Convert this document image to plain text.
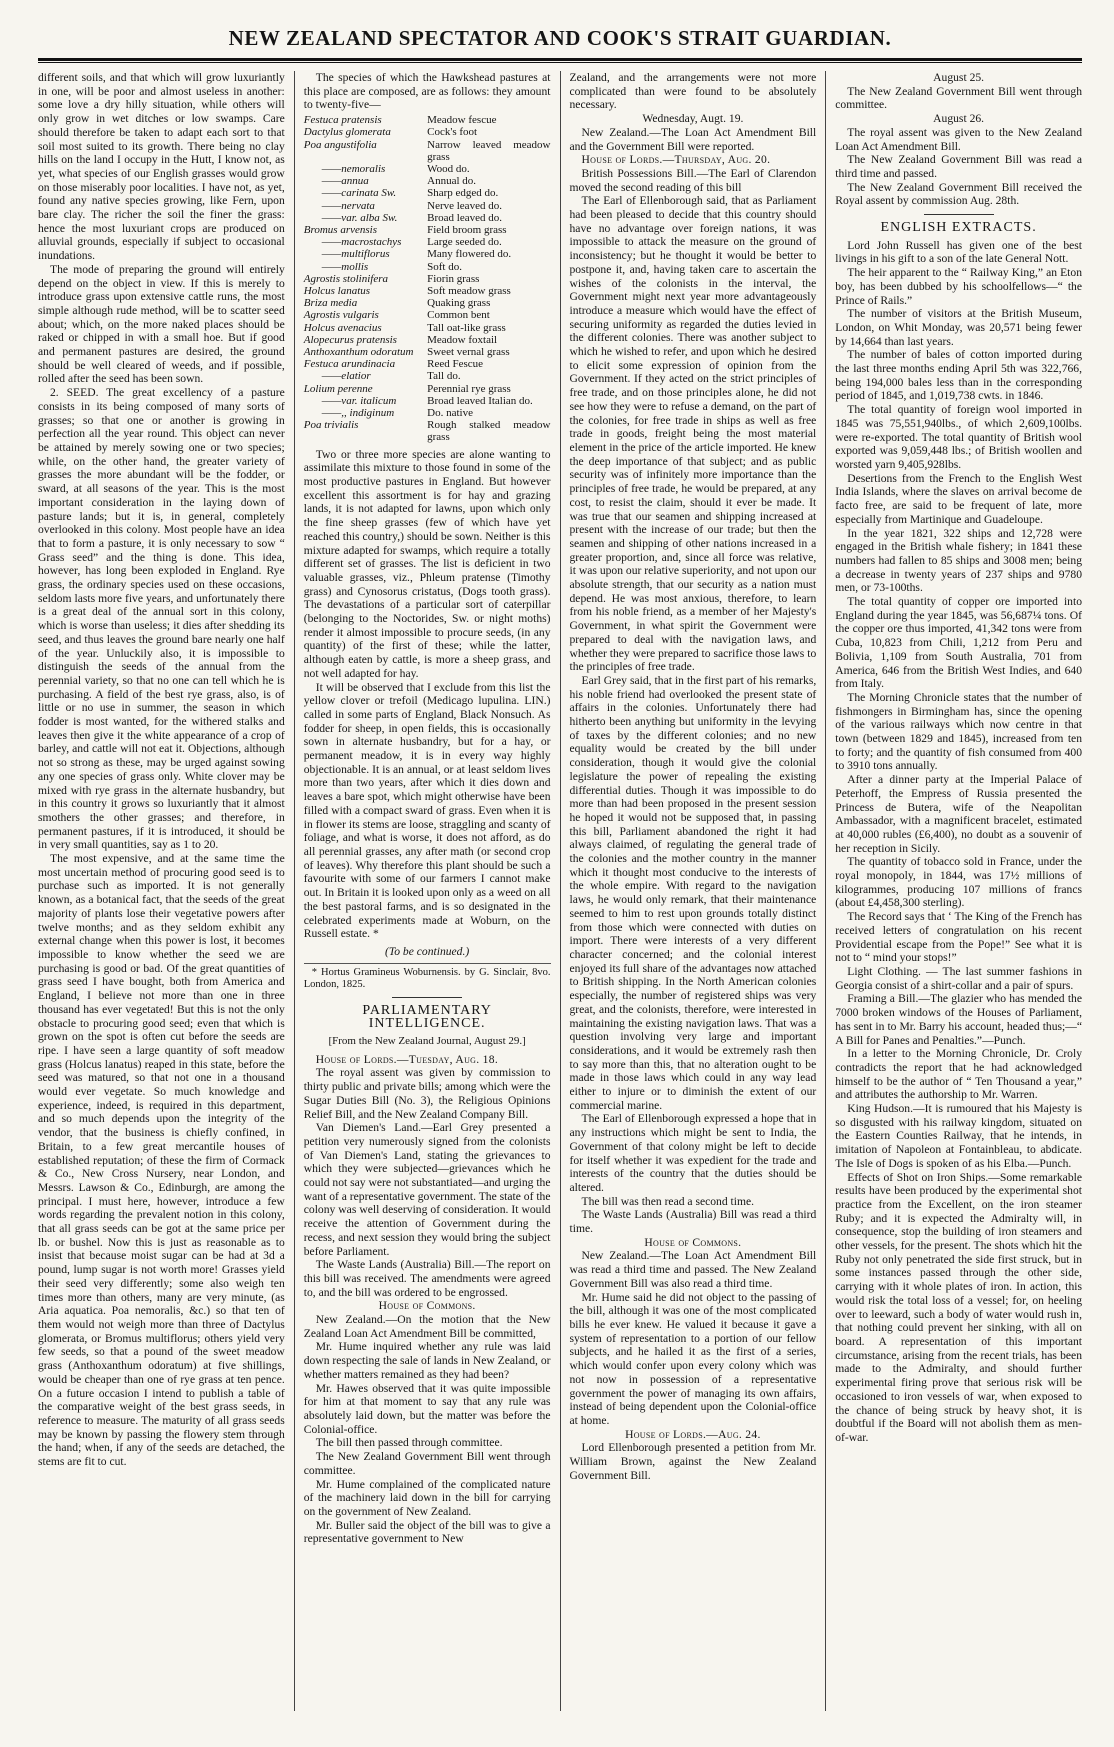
NEW ZEALAND SPECTATOR AND COOK'S STRAIT GUARDIAN.

different soils, and that which will grow luxuriantly in one, will be poor and almost useless in another: some love a dry hilly situation, while others will only grow in wet ditches or low swamps. Care should therefore be taken to adapt each sort to that soil most suited to its growth. There being no clay hills on the land I occupy in the Hutt, I know not, as yet, what species of our English grasses would grow on those miserably poor localities. I have not, as yet, found any native species growing, like Fern, upon bare clay. The richer the soil the finer the grass: hence the most luxuriant crops are produced on alluvial grounds, especially if subject to occasional inundations.

The mode of preparing the ground will entirely depend on the object in view. If this is merely to introduce grass upon extensive cattle runs, the most simple although rude method, will be to scatter seed about; which, on the more naked places should be raked or chipped in with a small hoe. But if good and permanent pastures are desired, the ground should be well cleared of weeds, and if possible, rolled after the seed has been sown.

2. SEED. The great excellency of a pasture consists in its being composed of many sorts of grasses; so that one or another is growing in perfection all the year round. This object can never be attained by merely sowing one or two species; while, on the other hand, the greater variety of grasses the more abundant will be the fodder, or sward, at all seasons of the year. This is the most important consideration in the laying down of pasture lands; but it is, in general, completely overlooked in this colony. Most people have an idea that to form a pasture, it is only necessary to sow “ Grass seed” and the thing is done. This idea, however, has long been exploded in England. Rye grass, the ordinary species used on these occasions, seldom lasts more five years, and unfortunately there is a great deal of the annual sort in this colony, which is worse than useless; it dies after shedding its seed, and thus leaves the ground bare nearly one half of the year. Unluckily also, it is impossible to distinguish the seeds of the annual from the perennial variety, so that no one can tell which he is purchasing. A field of the best rye grass, also, is of little or no use in summer, the season in which fodder is most wanted, for the withered stalks and leaves then give it the white appearance of a crop of barley, and cattle will not eat it. Objections, although not so strong as these, may be urged against sowing any one species of grass only. White clover may be mixed with rye grass in the alternate husbandry, but in this country it grows so luxuriantly that it almost smothers the other grasses; and therefore, in permanent pastures, if it is introduced, it should be in very small quantities, say as 1 to 20.

The most expensive, and at the same time the most uncertain method of procuring good seed is to purchase such as imported. It is not generally known, as a botanical fact, that the seeds of the great majority of plants lose their vegetative powers after twelve months; and as they seldom exhibit any external change when this power is lost, it becomes impossible to know whether the seed we are purchasing is good or bad. Of the great quantities of grass seed I have bought, both from America and England, I believe not more than one in three thousand has ever vegetated! But this is not the only obstacle to procuring good seed; even that which is grown on the spot is often cut before the seeds are ripe. I have seen a large quantity of soft meadow grass (Holcus lanatus) reaped in this state, before the seed was matured, so that not one in a thousand would ever vegetate. So much knowledge and experience, indeed, is required in this department, and so much depends upon the integrity of the vendor, that the business is chiefly confined, in Britain, to a few great mercantile houses of established reputation; of these the firm of Cormack & Co., New Cross Nursery, near London, and Messrs. Lawson & Co., Edinburgh, are among the principal. I must here, however, introduce a few words regarding the prevalent notion in this colony, that all grass seeds can be got at the same price per lb. or bushel. Now this is just as reasonable as to insist that because moist sugar can be had at 3d a pound, lump sugar is not worth more! Grasses yield their seed very differently; some also weigh ten times more than others, many are very minute, (as Aria aquatica. Poa nemoralis, &c.) so that ten of them would not weigh more than three of Dactylus glomerata, or Bromus multiflorus; others yield very few seeds, so that a pound of the sweet meadow grass (Anthoxanthum odoratum) at five shillings, would be cheaper than one of rye grass at ten pence. On a future occasion I intend to publish a table of the comparative weight of the best grass seeds, in reference to measure. The maturity of all grass seeds may be known by passing the flowery stem through the hand; when, if any of the seeds are detached, the stems are fit to cut.

The species of which the Hawkshead pastures at this place are composed, are as follows: they amount to twenty-five—

Festuca pratensis	Meadow fescue
Dactylus glomerata	Cock's foot
Poa angustifolia	Narrow leaved meadow grass
——nemoralis	Wood do.
——annua	Annual do.
——carinata Sw.	Sharp edged do.
——nervata	Nerve leaved do.
——var. alba Sw.	Broad leaved do.
Bromus arvensis	Field broom grass
——macrostachys	Large seeded do.
——multiflorus	Many flowered do.
——mollis	Soft do.
Agrostis stolinifera	Fiorin grass
Holcus lanatus	Soft meadow grass
Briza media	Quaking grass
Agrostis vulgaris	Common bent
Holcus avenacius	Tall oat-like grass
Alopecurus pratensis	Meadow foxtail
Anthoxanthum odoratum	Sweet vernal grass
Festuca arundinacia	Reed Fescue
——elatior	Tall do.
Lolium perenne	Perennial rye grass
——var. italicum	Broad leaved Italian do.
——,, indiginum	Do. native
Poa trivialis	Rough stalked meadow grass

Two or three more species are alone wanting to assimilate this mixture to those found in some of the most productive pastures in England. But however excellent this assortment is for hay and grazing lands, it is not adapted for lawns, upon which only the fine sheep grasses (few of which have yet reached this country,) should be sown. Neither is this mixture adapted for swamps, which require a totally different set of grasses. The list is deficient in two valuable grasses, viz., Phleum pratense (Timothy grass) and Cynosorus cristatus, (Dogs tooth grass). The devastations of a particular sort of caterpillar (belonging to the Noctorides, Sw. or night moths) render it almost impossible to procure seeds, (in any quantity) of the first of these; while the latter, although eaten by cattle, is more a sheep grass, and not well adapted for hay.

It will be observed that I exclude from this list the yellow clover or trefoil (Medicago lupulina. LIN.) called in some parts of England, Black Nonsuch. As fodder for sheep, in open fields, this is occasionally sown in alternate husbandry, but for a hay, or permanent meadow, it is in every way highly objectionable. It is an annual, or at least seldom lives more than two years, after which it dies down and leaves a bare spot, which might otherwise have been filled with a compact sward of grass. Even when it is in flower its stems are loose, straggling and scanty of foliage, and what is worse, it does not afford, as do all perennial grasses, any after math (or second crop of leaves). Why therefore this plant should be such a favourite with some of our farmers I cannot make out. In Britain it is looked upon only as a weed on all the best pastoral farms, and is so designated in the celebrated experiments made at Woburn, on the Russell estate. *

(To be continued.)

* Hortus Gramineus Woburnensis. by G. Sinclair, 8vo. London, 1825.

PARLIAMENTARY INTELLIGENCE.

[From the New Zealand Journal, August 29.]

House of Lords.—Tuesday, Aug. 18.

The royal assent was given by commission to thirty public and private bills; among which were the Sugar Duties Bill (No. 3), the Religious Opinions Relief Bill, and the New Zealand Company Bill.

Van Diemen's Land.—Earl Grey presented a petition very numerously signed from the colonists of Van Diemen's Land, stating the grievances to which they were subjected—grievances which he could not say were not substantiated—and urging the want of a representative government. The state of the colony was well deserving of consideration. It would receive the attention of Government during the recess, and next session they would bring the subject before Parliament.

The Waste Lands (Australia) Bill.—The report on this bill was received. The amendments were agreed to, and the bill was ordered to be engrossed.

House of Commons.

New Zealand.—On the motion that the New Zealand Loan Act Amendment Bill be committed,

Mr. Hume inquired whether any rule was laid down respecting the sale of lands in New Zealand, or whether matters remained as they had been?

Mr. Hawes observed that it was quite impossible for him at that moment to say that any rule was absolutely laid down, but the matter was before the Colonial-office.

The bill then passed through committee.

The New Zealand Government Bill went through committee.

Mr. Hume complained of the complicated nature of the machinery laid down in the bill for carrying on the government of New Zealand.

Mr. Buller said the object of the bill was to give a representative government to New

Zealand, and the arrangements were not more complicated than were found to be absolutely necessary.

Wednesday, Augt. 19.

New Zealand.—The Loan Act Amendment Bill and the Government Bill were reported.

House of Lords.—Thursday, Aug. 20.

British Possessions Bill.—The Earl of Clarendon moved the second reading of this bill

The Earl of Ellenborough said, that as Parliament had been pleased to decide that this country should have no advantage over foreign nations, it was impossible to attack the measure on the ground of inconsistency; but he thought it would be better to postpone it, and, having taken care to ascertain the wishes of the colonists in the interval, the Government might next year more advantageously introduce a measure which would have the effect of securing uniformity as regarded the duties levied in the different colonies. There was another subject to which he wished to refer, and upon which he desired to elicit some expression of opinion from the Government. If they acted on the strict principles of free trade, and on those principles alone, he did not see how they were to refuse a demand, on the part of the colonies, for free trade in ships as well as free trade in goods, freight being the most material element in the price of the article imported. He knew the deep importance of that subject; and as public security was of infinitely more importance than the principles of free trade, he would be prepared, at any cost, to resist the claim, should it ever be made. It was true that our seamen and shipping increased at present with the increase of our trade; but then the seamen and shipping of other nations increased in a greater proportion, and, since all force was relative, it was upon our relative superiority, and not upon our absolute strength, that our security as a nation must depend. He was most anxious, therefore, to learn from his noble friend, as a member of her Majesty's Government, in what spirit the Government were prepared to deal with the navigation laws, and whether they were prepared to sacrifice those laws to the principles of free trade.

Earl Grey said, that in the first part of his remarks, his noble friend had overlooked the present state of affairs in the colonies. Unfortunately there had hitherto been anything but uniformity in the levying of taxes by the different colonies; and no new equality would be created by the bill under consideration, though it would give the colonial legislature the power of repealing the existing differential duties. Though it was impossible to do more than had been proposed in the present session he hoped it would not be supposed that, in passing this bill, Parliament abandoned the right it had always claimed, of regulating the general trade of the colonies and the mother country in the manner which it thought most conducive to the interests of the whole empire. With regard to the navigation laws, he would only remark, that their maintenance seemed to him to rest upon grounds totally distinct from those which were connected with duties on import. There were interests of a very different character concerned; and the colonial interest enjoyed its full share of the advantages now attached to British shipping. In the North American colonies especially, the number of registered ships was very great, and the colonists, therefore, were interested in maintaining the existing navigation laws. That was a question involving very large and important considerations, and it would be extremely rash then to say more than this, that no alteration ought to be made in those laws which could in any way lead either to injure or to diminish the extent of our commercial marine.

The Earl of Ellenborough expressed a hope that in any instructions which might be sent to India, the Government of that colony might be left to decide for itself whether it was expedient for the trade and interests of the country that the duties should be altered.

The bill was then read a second time.

The Waste Lands (Australia) Bill was read a third time.

House of Commons.

New Zealand.—The Loan Act Amendment Bill was read a third time and passed. The New Zealand Government Bill was also read a third time.

Mr. Hume said he did not object to the passing of the bill, although it was one of the most complicated bills he ever knew. He valued it because it gave a system of representation to a portion of our fellow subjects, and he hailed it as the first of a series, which would confer upon every colony which was not now in possession of a representative government the power of managing its own affairs, instead of being dependent upon the Colonial-office at home.

House of Lords.—Aug. 24.

Lord Ellenborough presented a petition from Mr. William Brown, against the New Zealand Government Bill.

August 25.

The New Zealand Government Bill went through committee.

August 26.

The royal assent was given to the New Zealand Loan Act Amendment Bill.

The New Zealand Government Bill was read a third time and passed.

The New Zealand Government Bill received the Royal assent by commission Aug. 28th.

ENGLISH EXTRACTS.

Lord John Russell has given one of the best livings in his gift to a son of the late General Nott.

The heir apparent to the “ Railway King,” an Eton boy, has been dubbed by his schoolfellows—“ the Prince of Rails.”

The number of visitors at the British Museum, London, on Whit Monday, was 20,571 being fewer by 14,664 than last years.

The number of bales of cotton imported during the last three months ending April 5th was 322,766, being 194,000 bales less than in the corresponding period of 1845, and 1,019,738 cwts. in 1846.

The total quantity of foreign wool imported in 1845 was 75,551,940lbs., of which 2,609,100lbs. were re-exported. The total quantity of British wool exported was 9,059,448 lbs.; of British woollen and worsted yarn 9,405,928lbs.

Desertions from the French to the English West India Islands, where the slaves on arrival become de facto free, are said to be frequent of late, more especially from Martinique and Guadeloupe.

In the year 1821, 322 ships and 12,728 were engaged in the British whale fishery; in 1841 these numbers had fallen to 85 ships and 3008 men; being a decrease in twenty years of 237 ships and 9780 men, or 73-100ths.

The total quantity of copper ore imported into England during the year 1845, was 56,687¼ tons. Of the copper ore thus imported, 41,342 tons were from Cuba, 10,823 from Chili, 1,212 from Peru and Bolivia, 1,109 from South Australia, 701 from America, 646 from the British West Indies, and 640 from Italy.

The Morning Chronicle states that the number of fishmongers in Birmingham has, since the opening of the various railways which now centre in that town (between 1829 and 1845), increased from ten to forty; and the quantity of fish consumed from 400 to 3910 tons annually.

After a dinner party at the Imperial Palace of Peterhoff, the Empress of Russia presented the Princess de Butera, wife of the Neapolitan Ambassador, with a magnificent bracelet, estimated at 40,000 rubles (£6,400), no doubt as a souvenir of her reception in Sicily.

The quantity of tobacco sold in France, under the royal monopoly, in 1844, was 17½ millions of kilogrammes, producing 107 millions of francs (about £4,458,300 sterling).

The Record says that ‘ The King of the French has received letters of congratulation on his recent Providential escape from the Pope!” See what it is not to “ mind your stops!”

Light Clothing. — The last summer fashions in Georgia consist of a shirt-collar and a pair of spurs.

Framing a Bill.—The glazier who has mended the 7000 broken windows of the Houses of Parliament, has sent in to Mr. Barry his account, headed thus;—“ A Bill for Panes and Penalties.”—Punch.

In a letter to the Morning Chronicle, Dr. Croly contradicts the report that he had acknowledged himself to be the author of “ Ten Thousand a year,” and attributes the authorship to Mr. Warren.

King Hudson.—It is rumoured that his Majesty is so disgusted with his railway kingdom, situated on the Eastern Counties Railway, that he intends, in imitation of Napoleon at Fontainbleau, to abdicate. The Isle of Dogs is spoken of as his Elba.—Punch.

Effects of Shot on Iron Ships.—Some remarkable results have been produced by the experimental shot practice from the Excellent, on the iron steamer Ruby; and it is expected the Admiralty will, in consequence, stop the building of iron steamers and other vessels, for the present. The shots which hit the Ruby not only penetrated the side first struck, but in some instances passed through the other side, carrying with it whole plates of iron. In action, this would risk the total loss of a vessel; for, on heeling over to leeward, such a body of water would rush in, that nothing could prevent her sinking, with all on board. A representation of this important circumstance, arising from the recent trials, has been made to the Admiralty, and should further experimental firing prove that serious risk will be occasioned to iron vessels of war, when exposed to the chance of being struck by heavy shot, it is doubtful if the Board will not abolish them as men-of-war.
